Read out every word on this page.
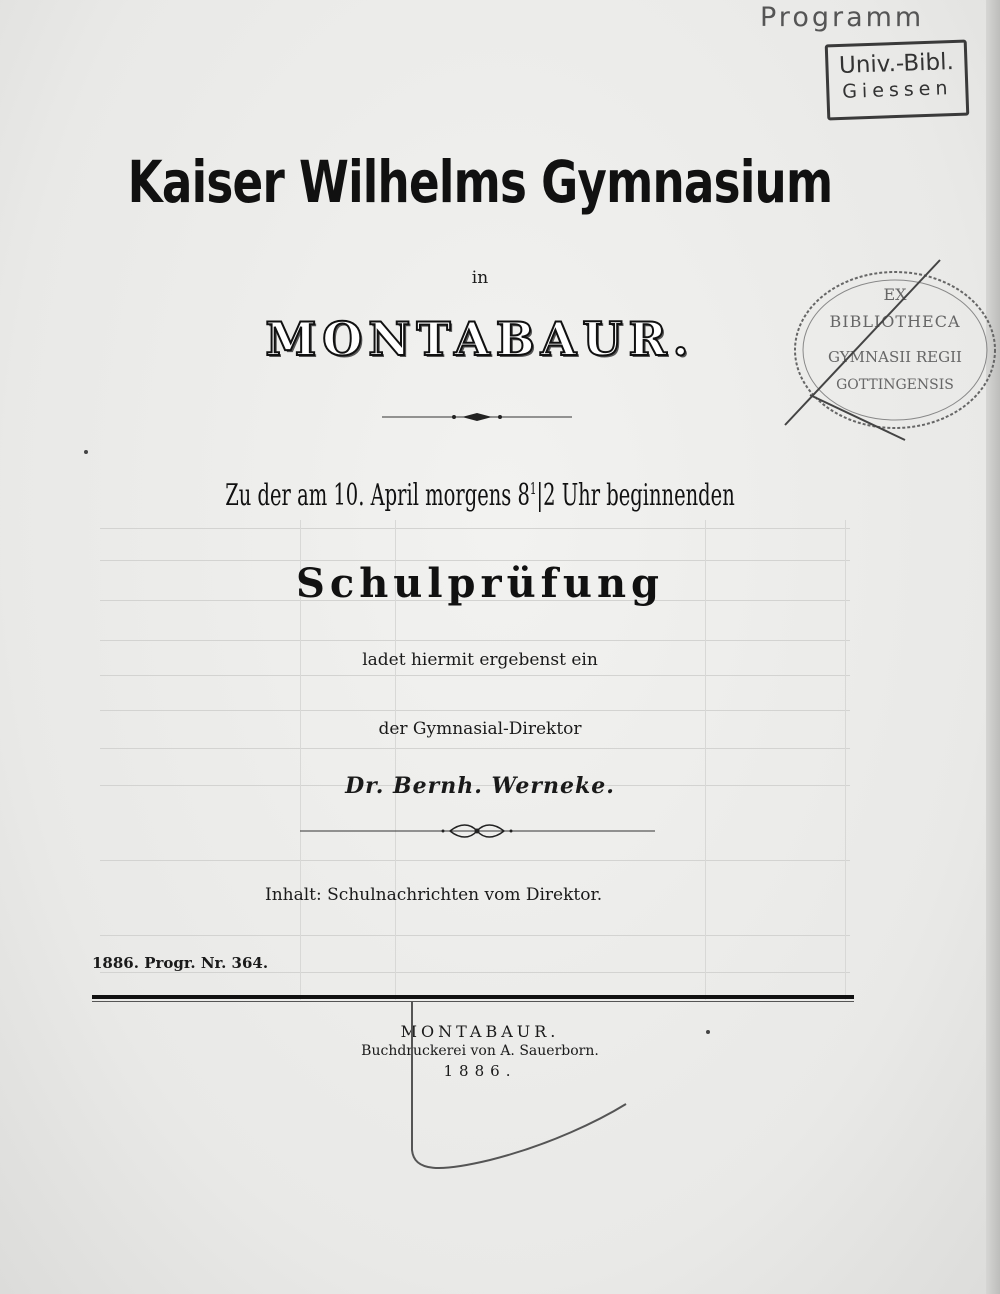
Programm
Univ.-Bibl.
Giessen
EX
BIBLIOTHECA
GYMNASII REGII
GOTTINGENSIS
Kaiser Wilhelms Gymnasium
in
MONTABAUR.
Zu der am 10. April morgens $8^1|2$ Uhr beginnenden
Schulprüfung
ladet hiermit ergebenst ein
der Gymnasial-Direktor
Dr. Bernh. Werneke.
Inhalt: Schulnachrichten vom Direktor.
1886. Progr. Nr. 364.
MONTABAUR.
Buchdruckerei von A. Sauerborn.
1886.
